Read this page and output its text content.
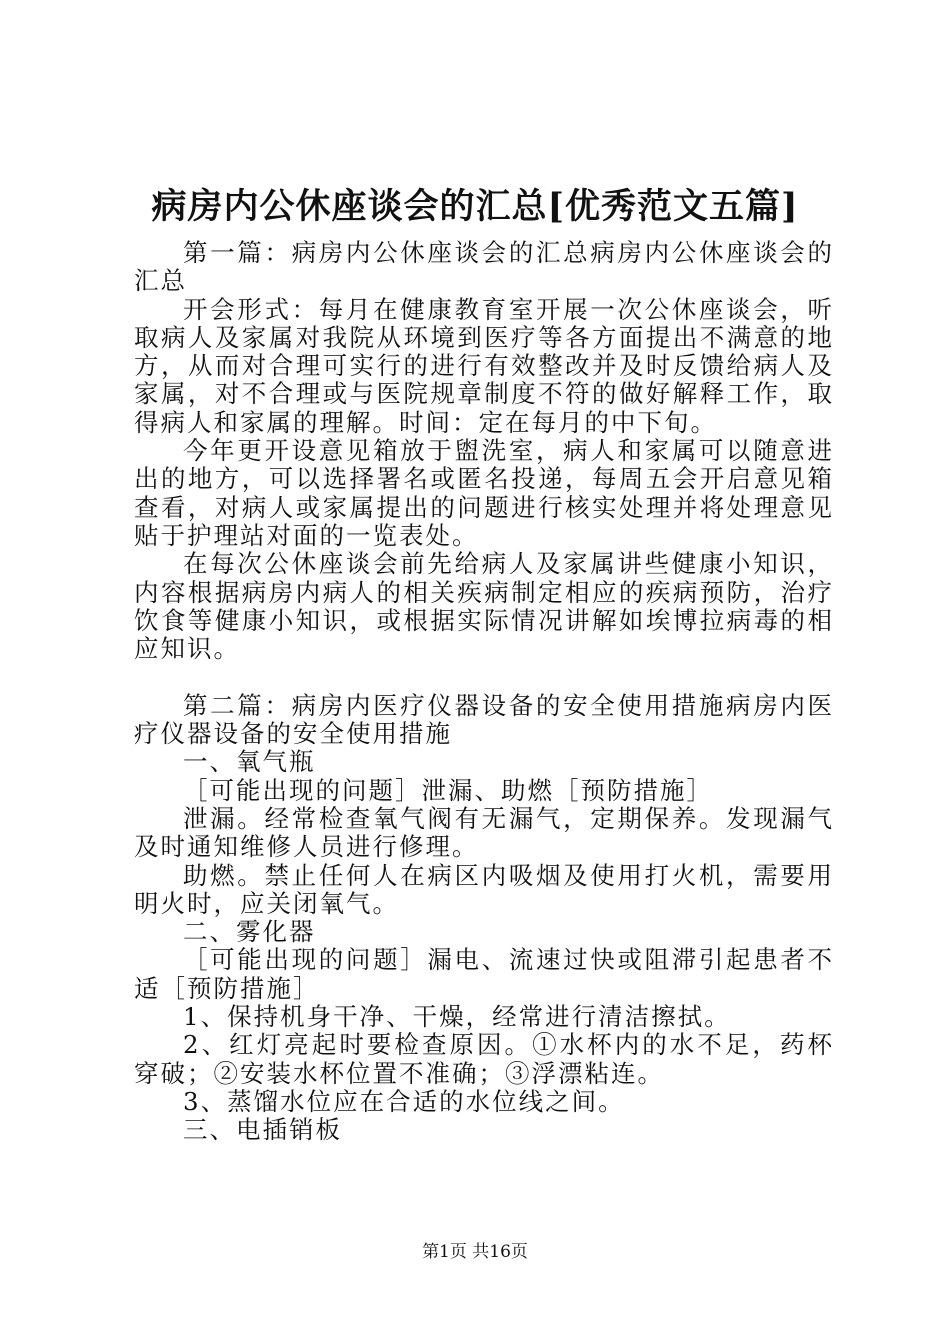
病房内公休座谈会的汇总[优秀范文五篇]

第一篇：病房内公休座谈会的汇总病房内公休座谈会的汇总

开会形式：每月在健康教育室开展一次公休座谈会，听取病人及家属对我院从环境到医疗等各方面提出不满意的地方，从而对合理可实行的进行有效整改并及时反馈给病人及家属，对不合理或与医院规章制度不符的做好解释工作，取得病人和家属的理解。时间：定在每月的中下旬。

今年更开设意见箱放于盥洗室，病人和家属可以随意进出的地方，可以选择署名或匿名投递，每周五会开启意见箱查看，对病人或家属提出的问题进行核实处理并将处理意见贴于护理站对面的一览表处。

在每次公休座谈会前先给病人及家属讲些健康小知识，内容根据病房内病人的相关疾病制定相应的疾病预防，治疗饮食等健康小知识，或根据实际情况讲解如埃博拉病毒的相应知识。

第二篇：病房内医疗仪器设备的安全使用措施病房内医疗仪器设备的安全使用措施

一、氧气瓶

［可能出现的问题］泄漏、助燃［预防措施］

泄漏。经常检查氧气阀有无漏气，定期保养。发现漏气及时通知维修人员进行修理。

助燃。禁止任何人在病区内吸烟及使用打火机，需要用明火时，应关闭氧气。

二、雾化器

［可能出现的问题］漏电、流速过快或阻滞引起患者不适［预防措施］

1、保持机身干净、干燥，经常进行清洁擦拭。

2、红灯亮起时要检查原因。①水杯内的水不足，药杯穿破；②安装水杯位置不准确；③浮漂粘连。

3、蒸馏水位应在合适的水位线之间。

三、电插销板

第1页 共16页
